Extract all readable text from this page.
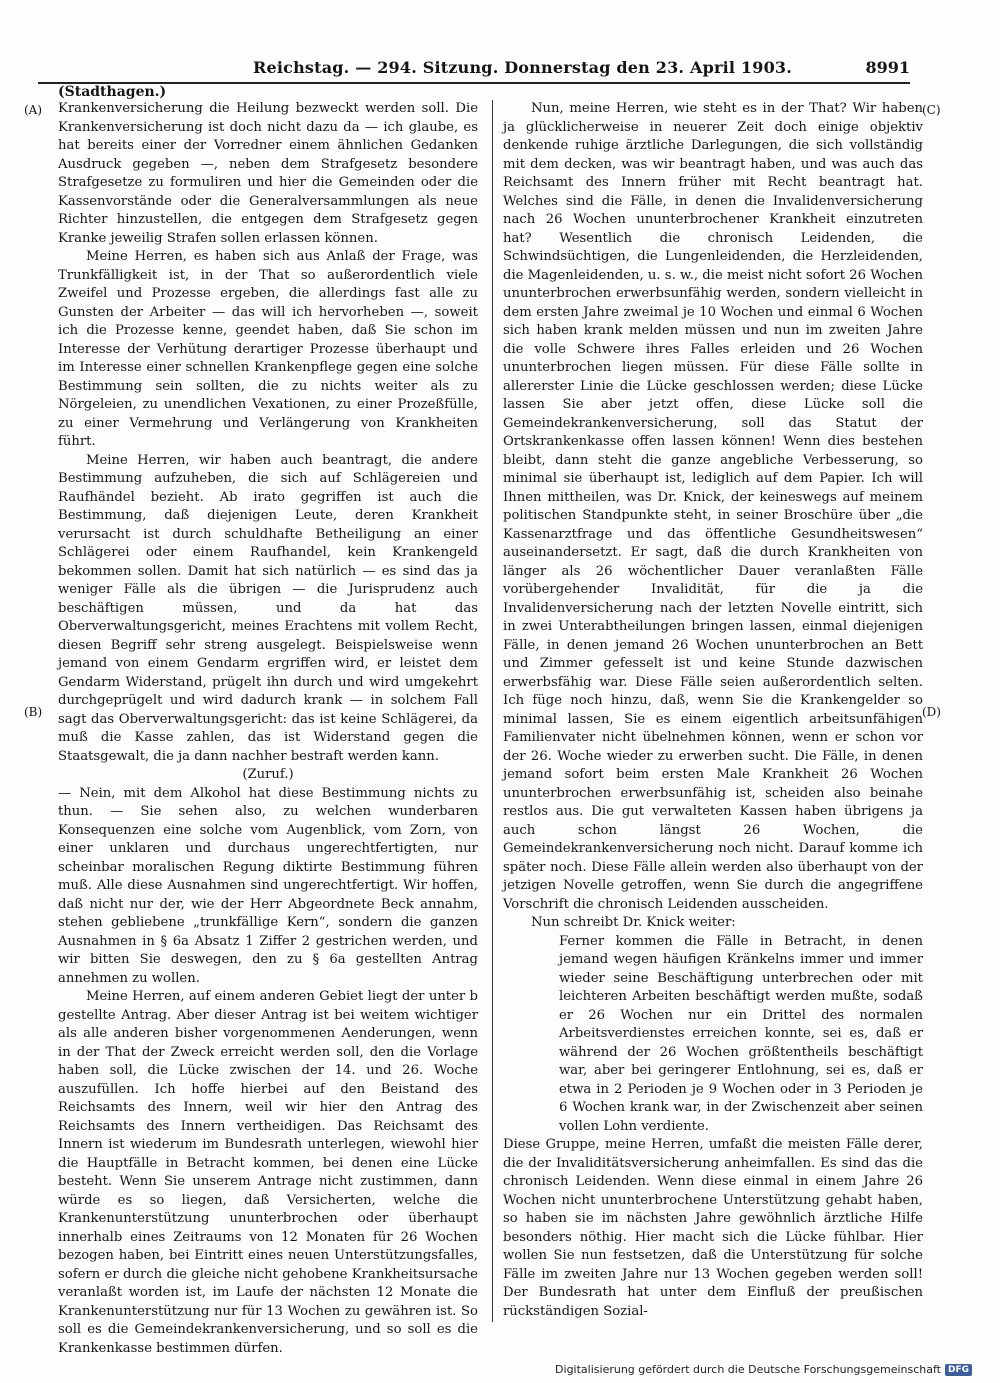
Reichstag. — 294. Sitzung. Donnerstag den 23. April 1903.	8991
(Stadthagen.)
(A)
(B)
(C)
(D)

Krankenversicherung die Heilung bezweckt werden soll. Die Krankenversicherung ist doch nicht dazu da — ich glaube, es hat bereits einer der Vorredner einem ähnlichen Gedanken Ausdruck gegeben —, neben dem Strafgesetz besondere Strafgesetze zu formuliren und hier die Gemeinden oder die Kassenvorstände oder die Generalversammlungen als neue Richter hinzustellen, die entgegen dem Strafgesetz gegen Kranke jeweilig Strafen sollen erlassen können.

Meine Herren, es haben sich aus Anlaß der Frage, was Trunkfälligkeit ist, in der That so außerordentlich viele Zweifel und Prozesse ergeben, die allerdings fast alle zu Gunsten der Arbeiter — das will ich hervorheben —, soweit ich die Prozesse kenne, geendet haben, daß Sie schon im Interesse der Verhütung derartiger Prozesse überhaupt und im Interesse einer schnellen Krankenpflege gegen eine solche Bestimmung sein sollten, die zu nichts weiter als zu Nörgeleien, zu unendlichen Vexationen, zu einer Prozeßfülle, zu einer Vermehrung und Verlängerung von Krankheiten führt.

Meine Herren, wir haben auch beantragt, die andere Bestimmung aufzuheben, die sich auf Schlägereien und Raufhändel bezieht. Ab irato gegriffen ist auch die Bestimmung, daß diejenigen Leute, deren Krankheit verursacht ist durch schuldhafte Betheiligung an einer Schlägerei oder einem Raufhandel, kein Krankengeld bekommen sollen. Damit hat sich natürlich — es sind das ja weniger Fälle als die übrigen — die Jurisprudenz auch beschäftigen müssen, und da hat das Oberverwaltungsgericht, meines Erachtens mit vollem Recht, diesen Begriff sehr streng ausgelegt. Beispielsweise wenn jemand von einem Gendarm ergriffen wird, er leistet dem Gendarm Widerstand, prügelt ihn durch und wird umgekehrt durchgeprügelt und wird dadurch krank — in solchem Fall sagt das Oberverwaltungsgericht: das ist keine Schlägerei, da muß die Kasse zahlen, das ist Widerstand gegen die Staatsgewalt, die ja dann nachher bestraft werden kann.

(Zuruf.)

— Nein, mit dem Alkohol hat diese Bestimmung nichts zu thun. — Sie sehen also, zu welchen wunderbaren Konsequenzen eine solche vom Augenblick, vom Zorn, von einer unklaren und durchaus ungerechtfertigten, nur scheinbar moralischen Regung diktirte Bestimmung führen muß. Alle diese Ausnahmen sind ungerechtfertigt. Wir hoffen, daß nicht nur der, wie der Herr Abgeordnete Beck annahm, stehen gebliebene „trunkfällige Kern“, sondern die ganzen Ausnahmen in § 6a Absatz 1 Ziffer 2 gestrichen werden, und wir bitten Sie deswegen, den zu § 6a gestellten Antrag annehmen zu wollen.

Meine Herren, auf einem anderen Gebiet liegt der unter b gestellte Antrag. Aber dieser Antrag ist bei weitem wichtiger als alle anderen bisher vorgenommenen Aenderungen, wenn in der That der Zweck erreicht werden soll, den die Vorlage haben soll, die Lücke zwischen der 14. und 26. Woche auszufüllen. Ich hoffe hierbei auf den Beistand des Reichsamts des Innern, weil wir hier den Antrag des Reichsamts des Innern vertheidigen. Das Reichsamt des Innern ist wiederum im Bundesrath unterlegen, wiewohl hier die Hauptfälle in Betracht kommen, bei denen eine Lücke besteht. Wenn Sie unserem Antrage nicht zustimmen, dann würde es so liegen, daß Versicherten, welche die Krankenunterstützung ununterbrochen oder überhaupt innerhalb eines Zeitraums von 12 Monaten für 26 Wochen bezogen haben, bei Eintritt eines neuen Unterstützungsfalles, sofern er durch die gleiche nicht gehobene Krankheitsursache veranlaßt worden ist, im Laufe der nächsten 12 Monate die Krankenunterstützung nur für 13 Wochen zu gewähren ist. So soll es die Gemeindekrankenversicherung, und so soll es die Krankenkasse bestimmen dürfen.

Nun, meine Herren, wie steht es in der That? Wir haben ja glücklicherweise in neuerer Zeit doch einige objektiv denkende ruhige ärztliche Darlegungen, die sich vollständig mit dem decken, was wir beantragt haben, und was auch das Reichsamt des Innern früher mit Recht beantragt hat. Welches sind die Fälle, in denen die Invalidenversicherung nach 26 Wochen ununterbrochener Krankheit einzutreten hat? Wesentlich die chronisch Leidenden, die Schwindsüchtigen, die Lungenleidenden, die Herzleidenden, die Magenleidenden, u. s. w., die meist nicht sofort 26 Wochen ununterbrochen erwerbsunfähig werden, sondern vielleicht in dem ersten Jahre zweimal je 10 Wochen und einmal 6 Wochen sich haben krank melden müssen und nun im zweiten Jahre die volle Schwere ihres Falles erleiden und 26 Wochen ununterbrochen liegen müssen. Für diese Fälle sollte in allererster Linie die Lücke geschlossen werden; diese Lücke lassen Sie aber jetzt offen, diese Lücke soll die Gemeindekrankenversicherung, soll das Statut der Ortskrankenkasse offen lassen können! Wenn dies bestehen bleibt, dann steht die ganze angebliche Verbesserung, so minimal sie überhaupt ist, lediglich auf dem Papier. Ich will Ihnen mittheilen, was Dr. Knick, der keineswegs auf meinem politischen Standpunkte steht, in seiner Broschüre über „die Kassenarztfrage und das öffentliche Gesundheitswesen“ auseinandersetzt. Er sagt, daß die durch Krankheiten von länger als 26 wöchentlicher Dauer veranlaßten Fälle vorübergehender Invalidität, für die ja die Invalidenversicherung nach der letzten Novelle eintritt, sich in zwei Unterabtheilungen bringen lassen, einmal diejenigen Fälle, in denen jemand 26 Wochen ununterbrochen an Bett und Zimmer gefesselt ist und keine Stunde dazwischen erwerbsfähig war. Diese Fälle seien außerordentlich selten. Ich füge noch hinzu, daß, wenn Sie die Krankengelder so minimal lassen, Sie es einem eigentlich arbeitsunfähigen Familienvater nicht übelnehmen können, wenn er schon vor der 26. Woche wieder zu erwerben sucht. Die Fälle, in denen jemand sofort beim ersten Male Krankheit 26 Wochen ununterbrochen erwerbsunfähig ist, scheiden also beinahe restlos aus. Die gut verwalteten Kassen haben übrigens ja auch schon längst 26 Wochen, die Gemeindekrankenversicherung noch nicht. Darauf komme ich später noch. Diese Fälle allein werden also überhaupt von der jetzigen Novelle getroffen, wenn Sie durch die angegriffene Vorschrift die chronisch Leidenden ausscheiden.

Nun schreibt Dr. Knick weiter:

Ferner kommen die Fälle in Betracht, in denen jemand wegen häufigen Kränkelns immer und immer wieder seine Beschäftigung unterbrechen oder mit leichteren Arbeiten beschäftigt werden mußte, sodaß er 26 Wochen nur ein Drittel des normalen Arbeitsverdienstes erreichen konnte, sei es, daß er während der 26 Wochen größtentheils beschäftigt war, aber bei geringerer Entlohnung, sei es, daß er etwa in 2 Perioden je 9 Wochen oder in 3 Perioden je 6 Wochen krank war, in der Zwischenzeit aber seinen vollen Lohn verdiente.

Diese Gruppe, meine Herren, umfaßt die meisten Fälle derer, die der Invaliditätsversicherung anheimfallen. Es sind das die chronisch Leidenden. Wenn diese einmal in einem Jahre 26 Wochen nicht ununterbrochene Unterstützung gehabt haben, so haben sie im nächsten Jahre gewöhnlich ärztliche Hilfe besonders nöthig. Hier macht sich die Lücke fühlbar. Hier wollen Sie nun festsetzen, daß die Unterstützung für solche Fälle im zweiten Jahre nur 13 Wochen gegeben werden soll! Der Bundesrath hat unter dem Einfluß der preußischen rückständigen Sozial-

Digitalisierung gefördert durch die Deutsche Forschungsgemeinschaft DFG
